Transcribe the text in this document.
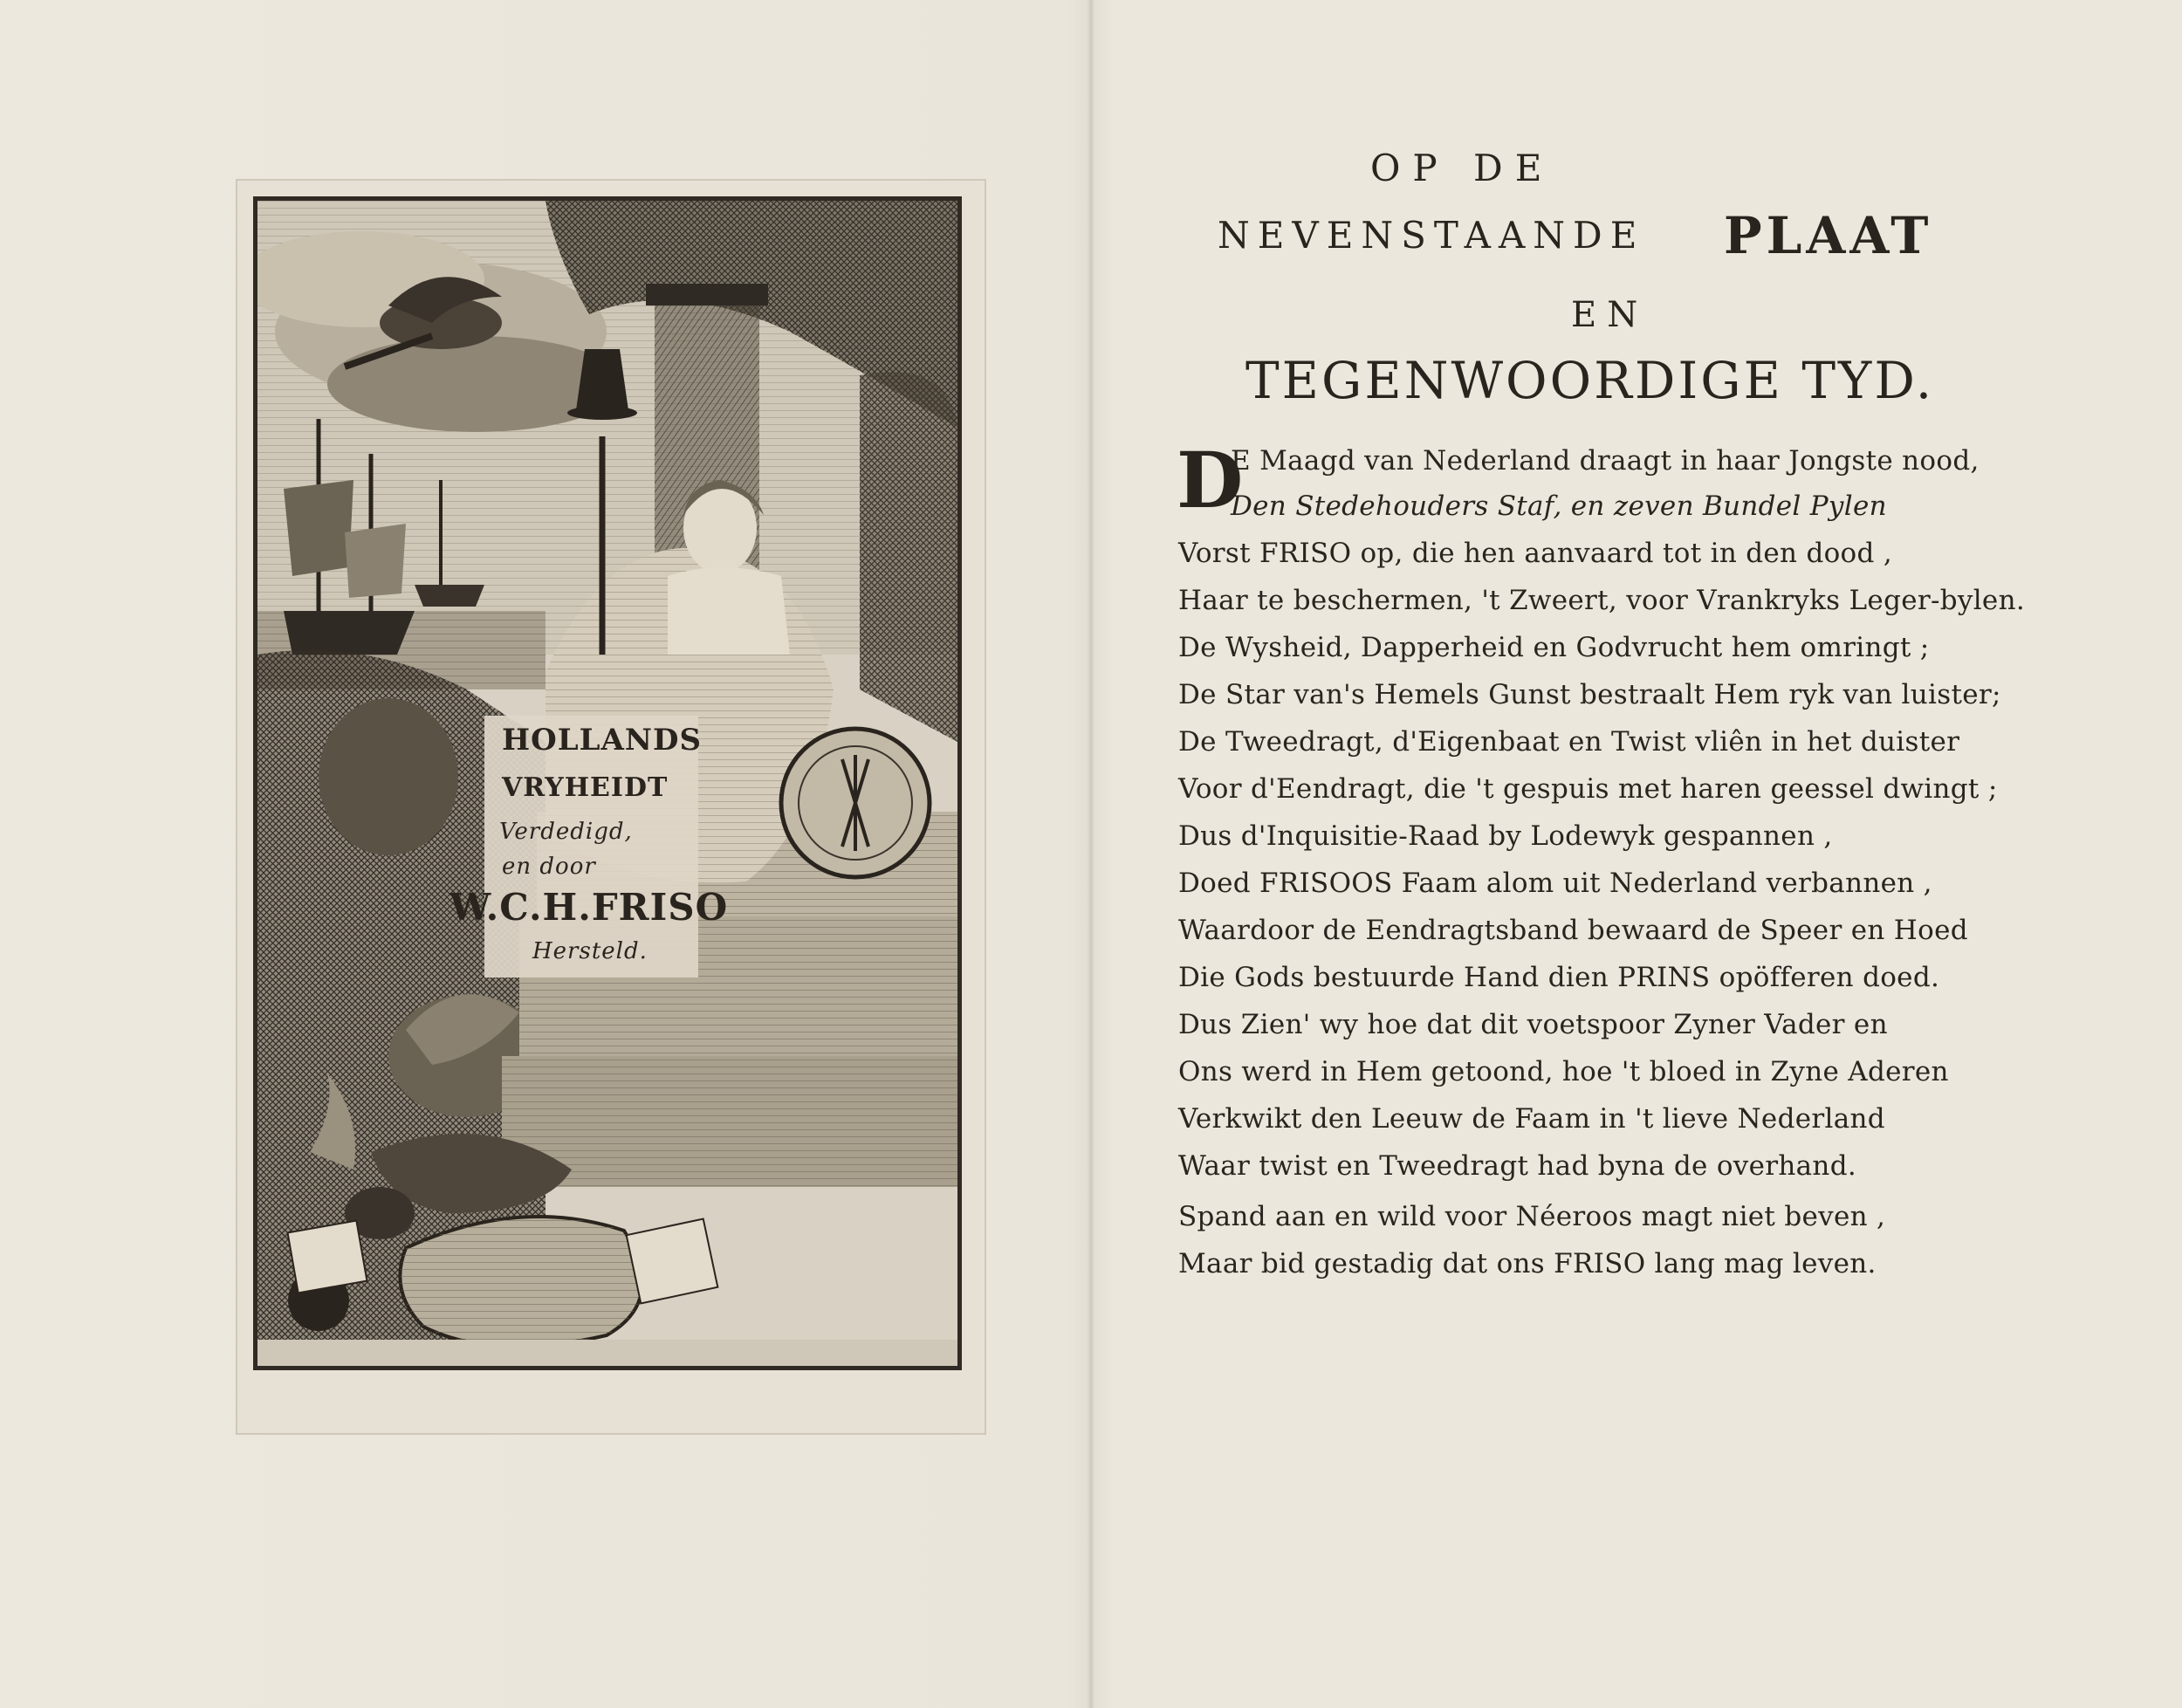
HOLLANDS
VRYHEIDT
Verdedigd,
en door
W.C.H.FRISO
Hersteld.
OP DE
NEVENSTAANDE PLAAT
EN
TEGENWOORDIGE TYD.
D
E Maagd van Nederland draagt in haar Jongste nood,
Den Stedehouders Staf, en zeven Bundel Pylen
Vorst FRISO op, die hen aanvaard tot in den dood ,
Haar te beschermen, 't Zweert, voor Vrankryks Leger-bylen.
De Wysheid, Dapperheid en Godvrucht hem omringt ;
De Star van's Hemels Gunst bestraalt Hem ryk van luister;
De Tweedragt, d'Eigenbaat en Twist vliên in het duister
Voor d'Eendragt, die 't gespuis met haren geessel dwingt ;
Dus d'Inquisitie-Raad by Lodewyk gespannen ,
Doed FRISOOS Faam alom uit Nederland verbannen ,
Waardoor de Eendragtsband bewaard de Speer en Hoed
Die Gods bestuurde Hand dien PRINS opöfferen doed.
Dus Zien' wy hoe dat dit voetspoor Zyner Vader en
Ons werd in Hem getoond, hoe 't bloed in Zyne Aderen
Verkwikt den Leeuw de Faam in 't lieve Nederland
Waar twist en Tweedragt had byna de overhand.
Spand aan en wild voor Néeroos magt niet beven ,
Maar bid gestadig dat ons FRISO lang mag leven.
